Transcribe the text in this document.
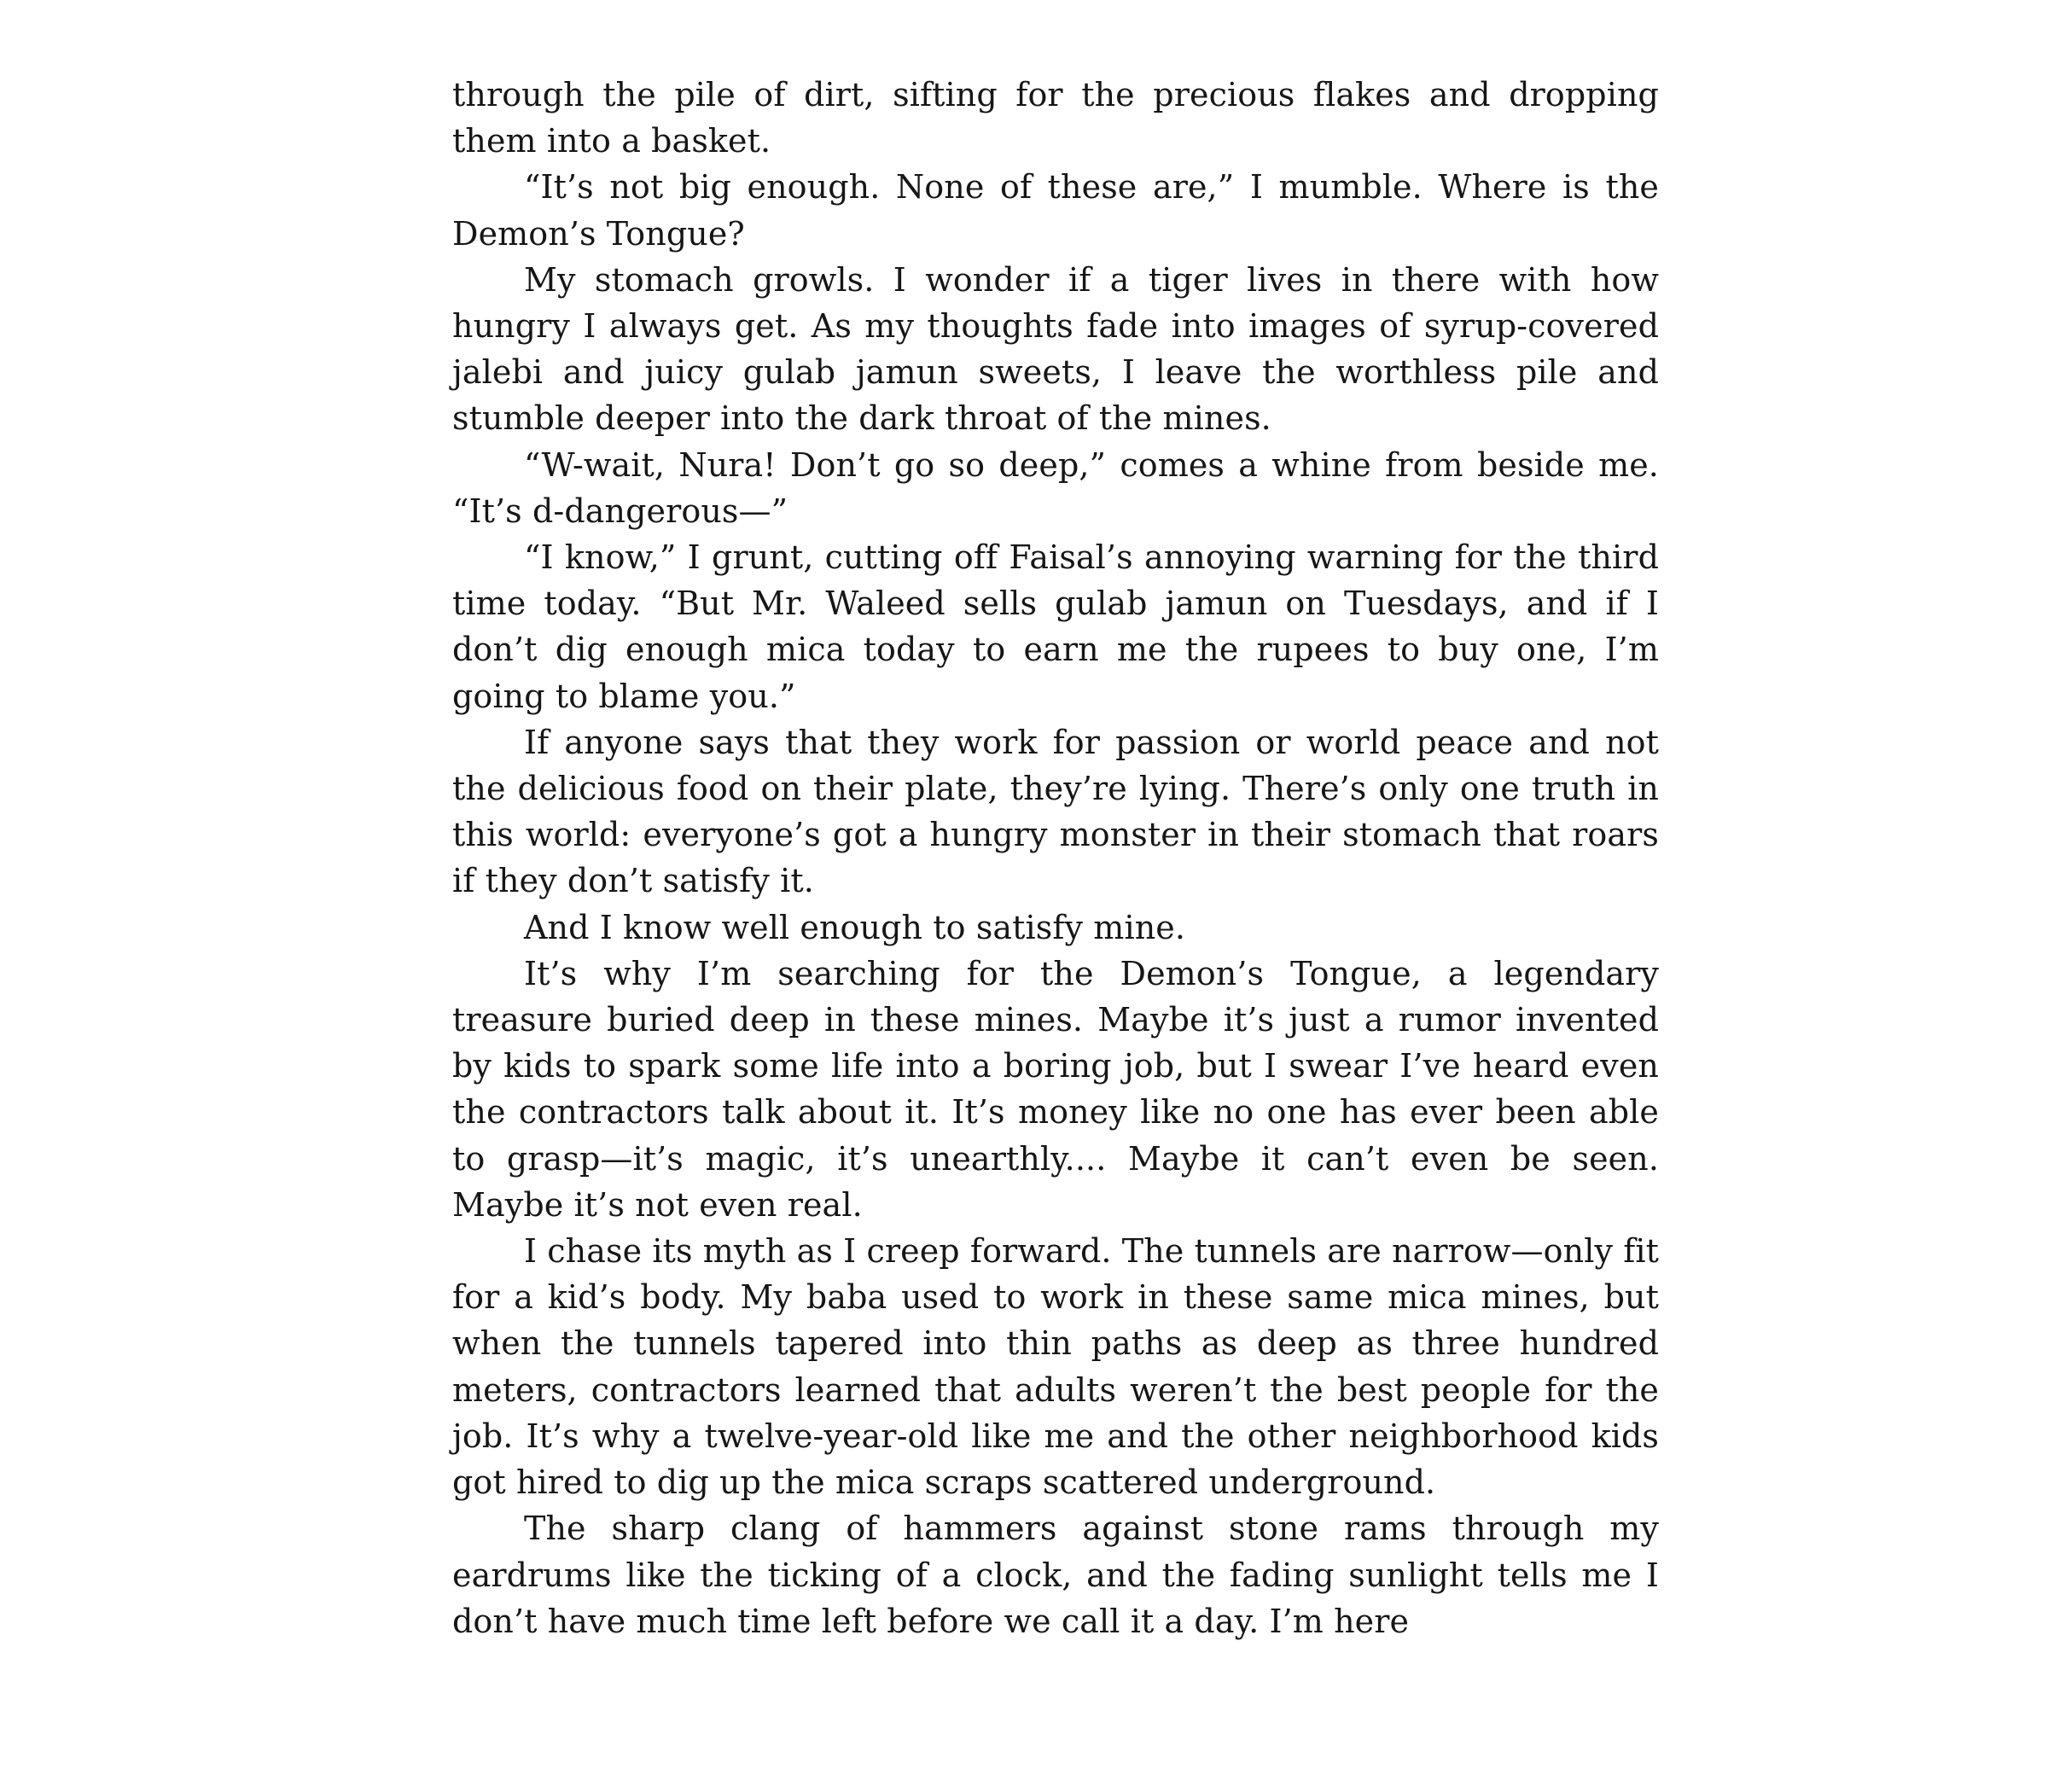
through the pile of dirt, sifting for the precious flakes and dropping them into a basket.

“It’s not big enough. None of these are,” I mumble. Where is the Demon’s Tongue?

My stomach growls. I wonder if a tiger lives in there with how hungry I always get. As my thoughts fade into images of syrup-covered jalebi and juicy gulab jamun sweets, I leave the worthless pile and stumble deeper into the dark throat of the mines.

“W-wait, Nura! Don’t go so deep,” comes a whine from beside me. “It’s d-dangerous—”

“I know,” I grunt, cutting off Faisal’s annoying warning for the third time today. “But Mr. Waleed sells gulab jamun on Tuesdays, and if I don’t dig enough mica today to earn me the rupees to buy one, I’m going to blame you.”

If anyone says that they work for passion or world peace and not the delicious food on their plate, they’re lying. There’s only one truth in this world: everyone’s got a hungry monster in their stomach that roars if they don’t satisfy it.

And I know well enough to satisfy mine.

It’s why I’m searching for the Demon’s Tongue, a legendary treasure buried deep in these mines. Maybe it’s just a rumor invented by kids to spark some life into a boring job, but I swear I’ve heard even the contractors talk about it. It’s money like no one has ever been able to grasp—it’s magic, it’s unearthly.... Maybe it can’t even be seen. Maybe it’s not even real.

I chase its myth as I creep forward. The tunnels are narrow—only fit for a kid’s body. My baba used to work in these same mica mines, but when the tunnels tapered into thin paths as deep as three hundred meters, contractors learned that adults weren’t the best people for the job. It’s why a twelve-year-old like me and the other neighborhood kids got hired to dig up the mica scraps scattered underground.

The sharp clang of hammers against stone rams through my eardrums like the ticking of a clock, and the fading sunlight tells me I don’t have much time left before we call it a day. I’m here
